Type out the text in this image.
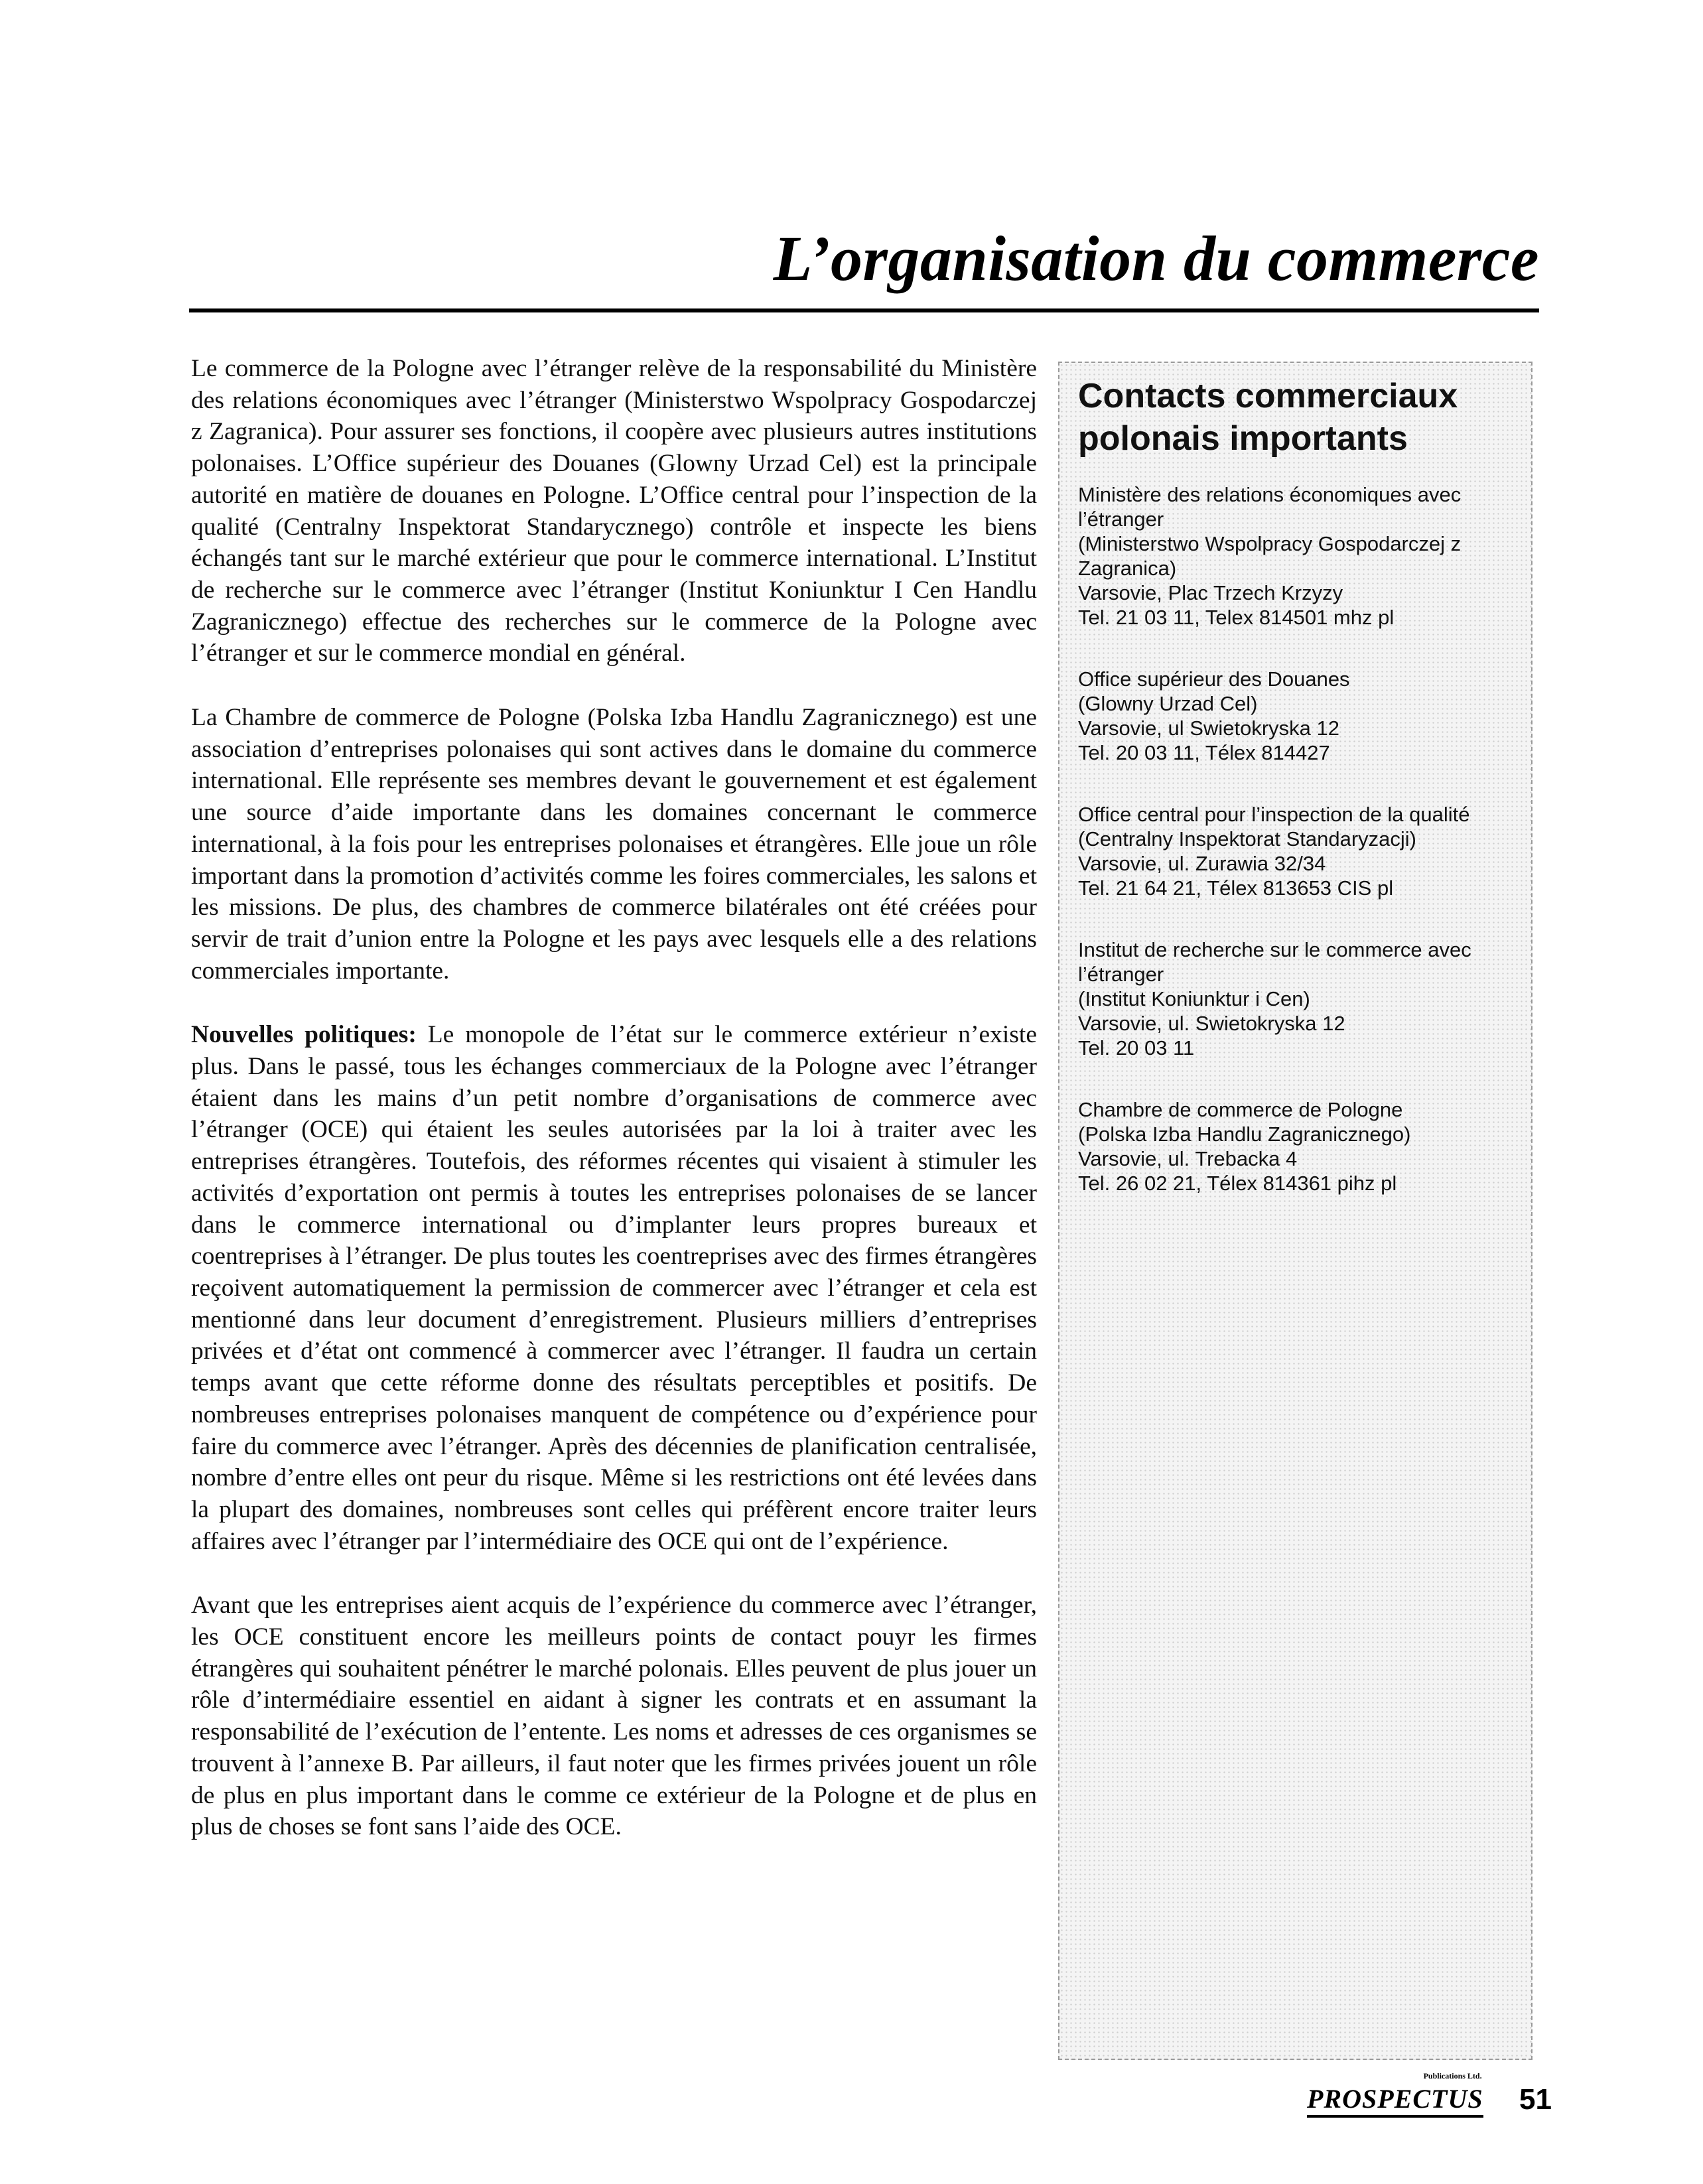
L’organisation du commerce

Le commerce de la Pologne avec l’étranger relève de la responsabilité du Ministère des relations économiques avec l’étranger (Ministerstwo Wspolpracy Gospodarczej z Zagranica). Pour assurer ses fonctions, il coopère avec plusieurs autres institutions polonaises. L’Office supérieur des Douanes (Glowny Urzad Cel) est la principale autorité en matière de douanes en Pologne. L’Office central pour l’inspection de la qualité (Centralny Inspektorat Standarycznego) contrôle et inspecte les biens échangés tant sur le marché extérieur que pour le commerce international. L’Institut de recherche sur le commerce avec l’étranger (Institut Koniunktur I Cen Handlu Zagranicznego) effectue des recherches sur le commerce de la Pologne avec l’étranger et sur le commerce mondial en général.

La Chambre de commerce de Pologne (Polska Izba Handlu Zagranicznego) est une association d’entreprises polonaises qui sont actives dans le domaine du commerce international. Elle représente ses membres devant le gouvernement et est également une source d’aide importante dans les domaines concernant le commerce international, à la fois pour les entreprises polonaises et étrangères. Elle joue un rôle important dans la promotion d’activités comme les foires commerciales, les salons et les missions. De plus, des chambres de commerce bilatérales ont été créées pour servir de trait d’union entre la Pologne et les pays avec lesquels elle a des relations commerciales importante.

Nouvelles politiques: Le monopole de l’état sur le commerce extérieur n’existe plus. Dans le passé, tous les échanges commerciaux de la Pologne avec l’étranger étaient dans les mains d’un petit nombre d’organisations de commerce avec l’étranger (OCE) qui étaient les seules autorisées par la loi à traiter avec les entreprises étrangères. Toutefois, des réformes récentes qui visaient à stimuler les activités d’exportation ont permis à toutes les entreprises polonaises de se lancer dans le commerce international ou d’implanter leurs propres bureaux et coentreprises à l’étranger. De plus toutes les coentreprises avec des firmes étrangères reçoivent automatiquement la permission de commercer avec l’étranger et cela est mentionné dans leur document d’enregistrement. Plusieurs milliers d’entreprises privées et d’état ont commencé à commercer avec l’étranger. Il faudra un certain temps avant que cette réforme donne des résultats perceptibles et positifs. De nombreuses entreprises polonaises manquent de compétence ou d’expérience pour faire du commerce avec l’étranger. Après des décennies de planification centralisée, nombre d’entre elles ont peur du risque. Même si les restrictions ont été levées dans la plupart des domaines, nombreuses sont celles qui préfèrent encore traiter leurs affaires avec l’étranger par l’intermédiaire des OCE qui ont de l’expérience.

Avant que les entreprises aient acquis de l’expérience du commerce avec l’étranger, les OCE constituent encore les meilleurs points de contact pouyr les firmes étrangères qui souhaitent pénétrer le marché polonais. Elles peuvent de plus jouer un rôle d’intermédiaire essentiel en aidant à signer les contrats et en assumant la responsabilité de l’exécution de l’entente. Les noms et adresses de ces organismes se trouvent à l’annexe B. Par ailleurs, il faut noter que les firmes privées jouent un rôle de plus en plus important dans le comme ce extérieur de la Pologne et de plus en plus de choses se font sans l’aide des OCE.

Contacts commerciaux polonais importants
Ministère des relations économiques avec l’étranger
(Ministerstwo Wspolpracy Gospodarczej z Zagranica)
Varsovie, Plac Trzech Krzyzy
Tel. 21 03 11, Telex 814501 mhz pl
Office supérieur des Douanes
(Glowny Urzad Cel)
Varsovie, ul Swietokryska 12
Tel. 20 03 11, Télex 814427
Office central pour l’inspection de la qualité
(Centralny Inspektorat Standaryzacji)
Varsovie, ul. Zurawia 32/34
Tel. 21 64 21, Télex 813653 CIS pl
Institut de recherche sur le commerce avec l’étranger
(Institut Koniunktur i Cen)
Varsovie, ul. Swietokryska 12
Tel. 20 03 11
Chambre de commerce de Pologne
(Polska Izba Handlu Zagranicznego)
Varsovie, ul. Trebacka 4
Tel. 26 02 21, Télex 814361 pihz pl
Publications Ltd.
PROSPECTUS 51
